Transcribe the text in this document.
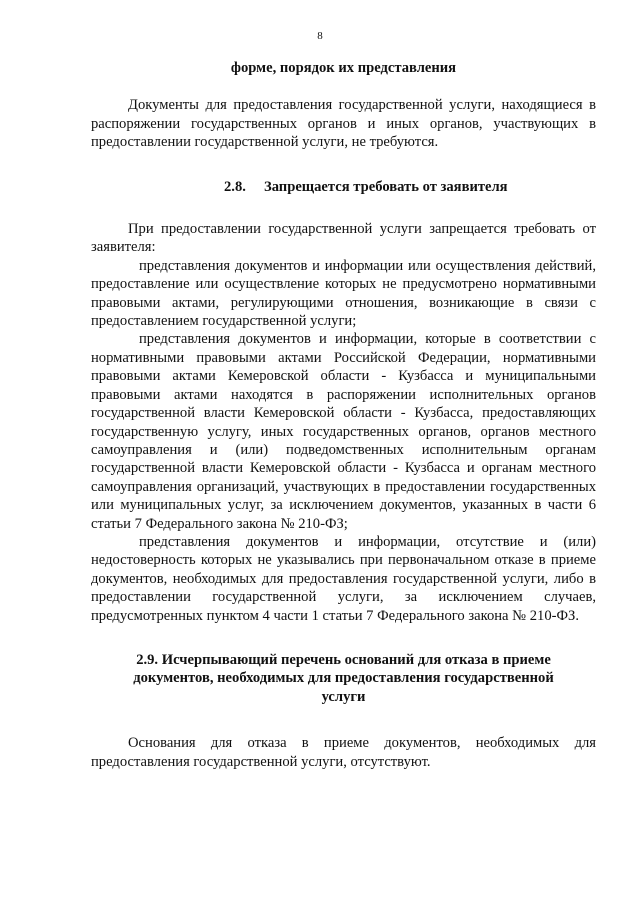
8
форме, порядок их представления

Документы для предоставления государственной услуги, находящиеся в распоряжении государственных органов и иных органов, участвующих в предоставлении государственной услуги, не требуются.

2.8. Запрещается требовать от заявителя

При предоставлении государственной услуги запрещается требовать от заявителя:

представления документов и информации или осуществления действий, предоставление или осуществление которых не предусмотрено нормативными правовыми актами, регулирующими отношения, возникающие в связи с предоставлением государственной услуги;

представления документов и информации, которые в соответствии с нормативными правовыми актами Российской Федерации, нормативными правовыми актами Кемеровской области - Кузбасса и муниципальными правовыми актами находятся в распоряжении исполнительных органов государственной власти Кемеровской области - Кузбасса, предоставляющих государственную услугу, иных государственных органов, органов местного самоуправления и (или) подведомственных исполнительным органам государственной власти Кемеровской области - Кузбасса и органам местного самоуправления организаций, участвующих в предоставлении государственных или муниципальных услуг, за исключением документов, указанных в части 6 статьи 7 Федерального закона № 210-ФЗ;

представления документов и информации, отсутствие и (или) недостоверность которых не указывались при первоначальном отказе в приеме документов, необходимых для предоставления государственной услуги, либо в предоставлении государственной услуги, за исключением случаев, предусмотренных пунктом 4 части 1 статьи 7 Федерального закона № 210-ФЗ.

2.9. Исчерпывающий перечень оснований для отказа в приеме
документов, необходимых для предоставления государственной
услуги

Основания для отказа в приеме документов, необходимых для предоставления государственной услуги, отсутствуют.
